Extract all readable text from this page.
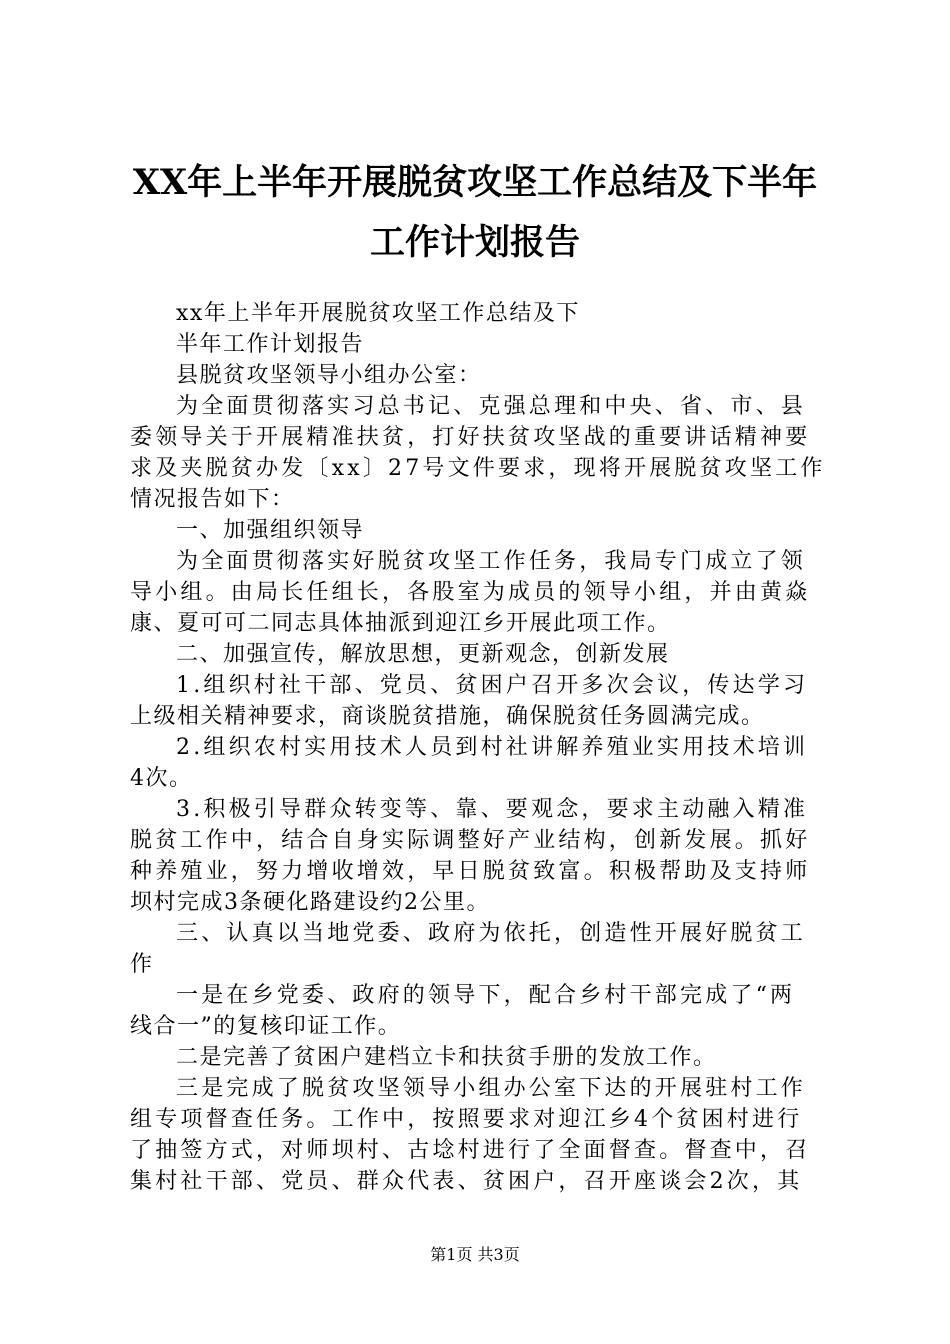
XX年上半年开展脱贫攻坚工作总结及下半年
工作计划报告

xx年上半年开展脱贫攻坚工作总结及下

半年工作计划报告

县脱贫攻坚领导小组办公室：

为全面贯彻落实习总书记、克强总理和中央、省、市、县

委领导关于开展精准扶贫，打好扶贫攻坚战的重要讲话精神要

求及夹脱贫办发〔xx〕27号文件要求，现将开展脱贫攻坚工作

情况报告如下：

一、加强组织领导

为全面贯彻落实好脱贫攻坚工作任务，我局专门成立了领

导小组。由局长任组长，各股室为成员的领导小组，并由黄焱

康、夏可可二同志具体抽派到迎江乡开展此项工作。

二、加强宣传，解放思想，更新观念，创新发展

1.组织村社干部、党员、贫困户召开多次会议，传达学习

上级相关精神要求，商谈脱贫措施，确保脱贫任务圆满完成。

2.组织农村实用技术人员到村社讲解养殖业实用技术培训

4次。

3.积极引导群众转变等、靠、要观念，要求主动融入精准

脱贫工作中，结合自身实际调整好产业结构，创新发展。抓好

种养殖业，努力增收增效，早日脱贫致富。积极帮助及支持师

坝村完成3条硬化路建设约2公里。

三、认真以当地党委、政府为依托，创造性开展好脱贫工

作

一是在乡党委、政府的领导下，配合乡村干部完成了“两

线合一”的复核印证工作。

二是完善了贫困户建档立卡和扶贫手册的发放工作。

三是完成了脱贫攻坚领导小组办公室下达的开展驻村工作

组专项督查任务。工作中，按照要求对迎江乡4个贫困村进行

了抽签方式，对师坝村、古埝村进行了全面督查。督查中，召

集村社干部、党员、群众代表、贫困户，召开座谈会2次，其

第1页 共3页
